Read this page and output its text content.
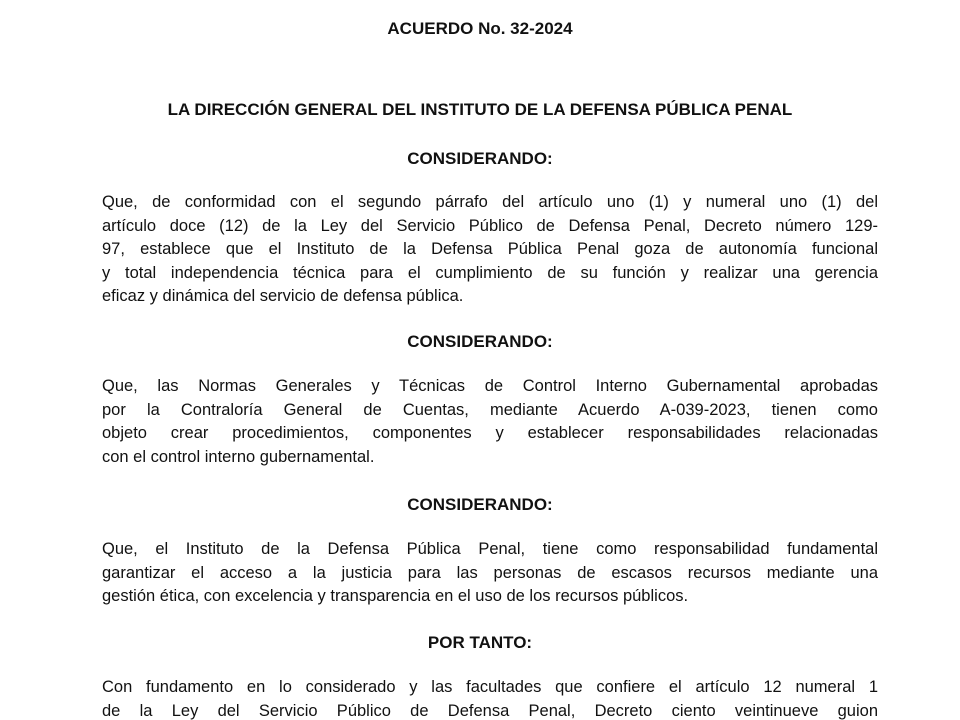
ACUERDO No. 32-2024
LA DIRECCIÓN GENERAL DEL INSTITUTO DE LA DEFENSA PÚBLICA PENAL
CONSIDERANDO:

Que, de conformidad con el segundo párrafo del artículo uno (1) y numeral uno (1) del
artículo doce (12) de la Ley del Servicio Público de Defensa Penal, Decreto número 129-
97, establece que el Instituto de la Defensa Pública Penal goza de autonomía funcional
y total independencia técnica para el cumplimiento de su función y realizar una gerencia
eficaz y dinámica del servicio de defensa pública.

CONSIDERANDO:

Que, las Normas Generales y Técnicas de Control Interno Gubernamental aprobadas
por la Contraloría General de Cuentas, mediante Acuerdo A-039-2023, tienen como
objeto crear procedimientos, componentes y establecer responsabilidades relacionadas
con el control interno gubernamental.

CONSIDERANDO:

Que, el Instituto de la Defensa Pública Penal, tiene como responsabilidad fundamental
garantizar el acceso a la justicia para las personas de escasos recursos mediante una
gestión ética, con excelencia y transparencia en el uso de los recursos públicos.

POR TANTO:

Con fundamento en lo considerado y las facultades que confiere el artículo 12 numeral 1
de la Ley del Servicio Público de Defensa Penal, Decreto ciento veintinueve guion
